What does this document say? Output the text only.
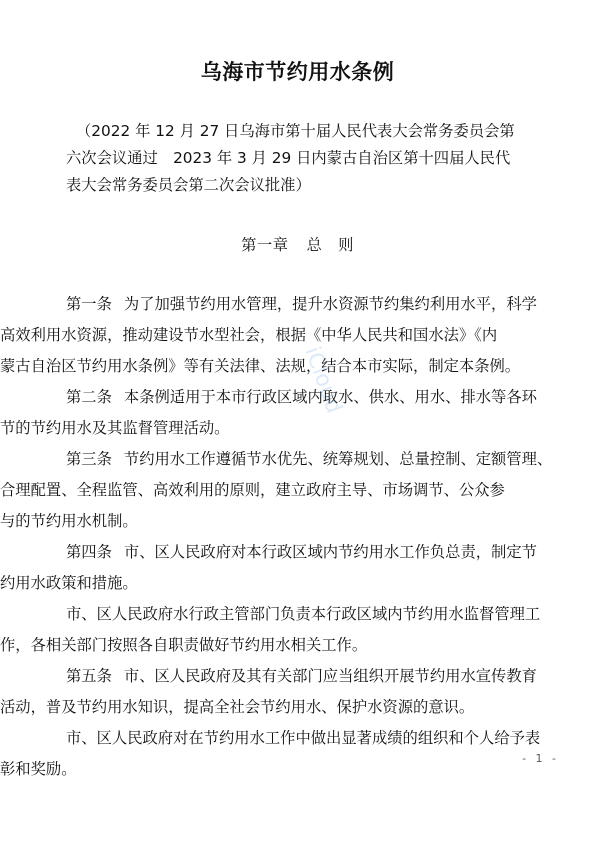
乌海市节约用水条例

（2022 年 12 月 27 日乌海市第十届人民代表大会常务委员会第

六次会议通过　2023 年 3 月 29 日内蒙古自治区第十四届人民代

表大会常务委员会第二次会议批准）

第一章 总　则

第一条 为了加强节约用水管理，提升水资源节约集约利用水平，科学

高效利用水资源，推动建设节水型社会，根据《中华人民共和国水法》《内

蒙古自治区节约用水条例》等有关法律、法规，结合本市实际，制定本条例。

第二条 本条例适用于本市行政区域内取水、供水、用水、排水等各环

节的节约用水及其监督管理活动。

第三条 节约用水工作遵循节水优先、统筹规划、总量控制、定额管理、

合理配置、全程监管、高效利用的原则，建立政府主导、市场调节、公众参

与的节约用水机制。

第四条 市、区人民政府对本行政区域内节约用水工作负总责，制定节

约用水政策和措施。

市、区人民政府水行政主管部门负责本行政区域内节约用水监督管理工

作，各相关部门按照各自职责做好节约用水相关工作。

第五条 市、区人民政府及其有关部门应当组织开展节约用水宣传教育

活动，普及节约用水知识，提高全社会节约用水、保护水资源的意识。

市、区人民政府对在节约用水工作中做出显著成绩的组织和个人给予表

彰和奖励。

iCloud
- 1 -
